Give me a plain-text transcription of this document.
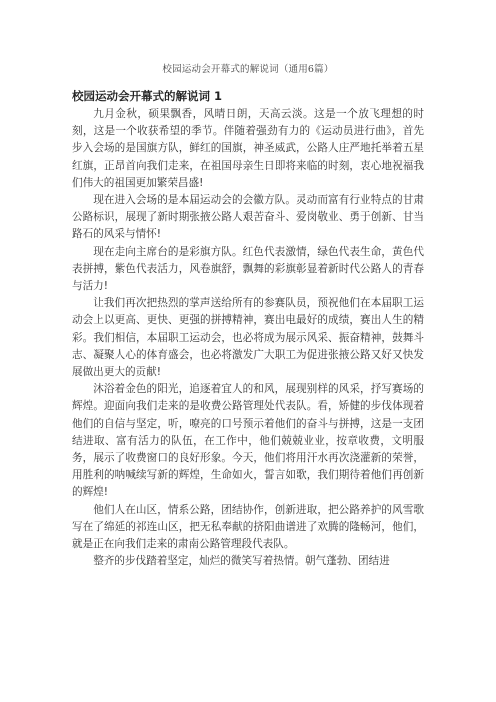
校园运动会开幕式的解说词（通用6篇）
校园运动会开幕式的解说词 1

九月金秋，硕果飘香，风晴日朗，天高云淡。这是一个放飞理想的时刻，这是一个收获希望的季节。伴随着强劲有力的《运动员进行曲》，首先步入会场的是国旗方队，鲜红的国旗，神圣威武，公路人庄严地托举着五星红旗，正昂首向我们走来，在祖国母亲生日即将来临的时刻，衷心地祝福我们伟大的祖国更加繁荣昌盛!

现在进入会场的是本届运动会的会徽方队。灵动而富有行业特点的甘肃公路标识，展现了新时期张掖公路人艰苦奋斗、爱岗敬业、勇于创新、甘当路石的风采与情怀!

现在走向主席台的是彩旗方队。红色代表激情，绿色代表生命，黄色代表拼搏，紫色代表活力，风卷旗舒，飘舞的彩旗彰显着新时代公路人的青春与活力!

让我们再次把热烈的掌声送给所有的参赛队员，预祝他们在本届职工运动会上以更高、更快、更强的拼搏精神，赛出电最好的成绩，赛出人生的精彩。我们相信，本届职工运动会，也必将成为展示风采、振奋精神，鼓舞斗志、凝聚人心的体育盛会，也必将激发广大职工为促进张掖公路又好又快发展做出更大的贡献!

沐浴着金色的阳光，追逐着宜人的和风，展现别样的风采，抒写赛场的辉煌。迎面向我们走来的是收费公路管理处代表队。看，矫健的步伐体现着他们的自信与坚定，听，嘹亮的口号预示着他们的奋斗与拼搏，这是一支团结进取、富有活力的队伍，在工作中，他们兢兢业业，按章收费，文明服务，展示了收费窗口的良好形象。今天，他们将用汗水再次浇灌新的荣誉，用胜利的呐喊续写新的辉煌，生命如火，誓言如歌，我们期待着他们再创新的辉煌!

他们人在山区，情系公路，团结协作，创新进取，把公路养护的风雪歌写在了绵延的祁连山区，把无私奉献的挤阳曲谱进了欢腾的隆畅河，他们，就是正在向我们走来的肃南公路管理段代表队。

整齐的步伐踏着坚定，灿烂的微笑写着热情。朝气蓬勃、团结进
